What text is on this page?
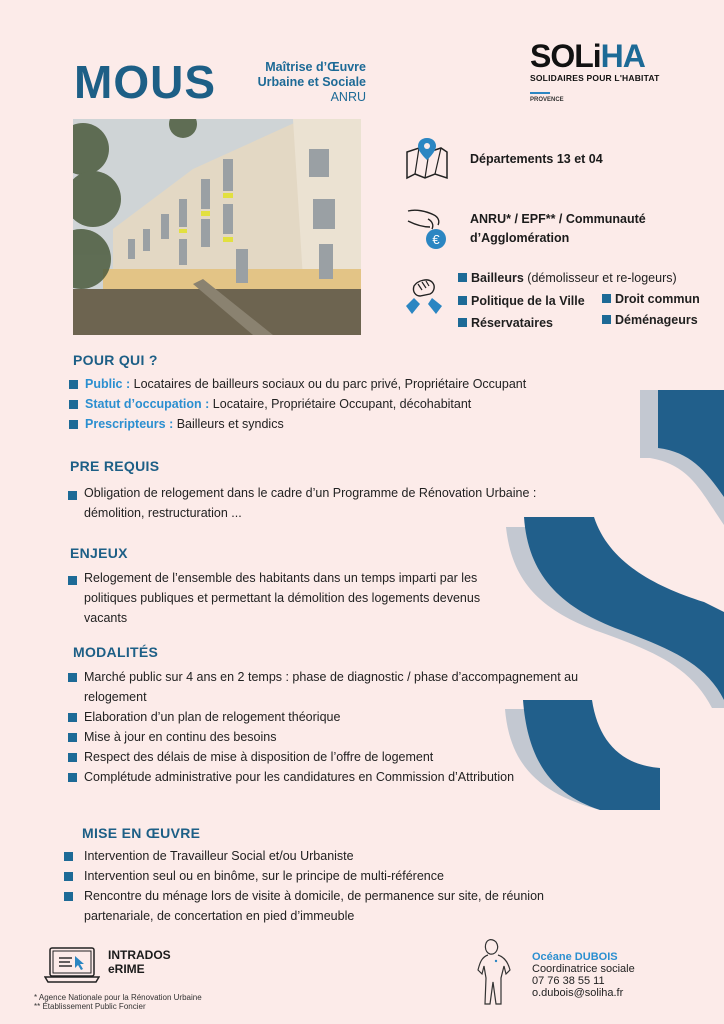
MOUS	Maîtrise d’Œuvre
Urbaine et Sociale
ANRU
SOLiHA
SOLIDAIRES POUR L'HABITAT
PROVENCE
Départements 13 et 04
€
ANRU* / EPF** / Communauté
d’Agglomération
Bailleurs (démolisseur et re-logeurs)
Politique de la Ville	Droit commun
Réservataires	Déménageurs
POUR QUI ?
Public : Locataires de bailleurs sociaux ou du parc privé, Propriétaire Occupant
Statut d’occupation : Locataire, Propriétaire Occupant, décohabitant
Prescripteurs : Bailleurs et syndics
PRE REQUIS
Obligation de relogement dans le cadre d’un Programme de Rénovation Urbaine : démolition, restructuration ...
ENJEUX
Relogement de l’ensemble des habitants dans un temps imparti par les politiques publiques et permettant la démolition des logements devenus vacants
MODALITÉS
Marché public sur 4 ans en 2 temps : phase de diagnostic / phase d’accompagnement au relogement
Elaboration d’un plan de relogement théorique
Mise à jour en continu des besoins
Respect des délais de mise à disposition de l’offre de logement
Complétude administrative pour les candidatures en Commission d’Attribution
MISE EN ŒUVRE
Intervention de Travailleur Social et/ou Urbaniste
Intervention seul ou en binôme, sur le principe de multi-référence
Rencontre du ménage lors de visite à domicile, de permanence sur site, de réunion partenariale, de concertation en pied d’immeuble
INTRADOS
eRIME
* Agence Nationale pour la Rénovation Urbaine
** Établissement Public Foncier
Océane DUBOIS
Coordinatrice sociale
07 76 38 55 11
o.dubois@soliha.fr
